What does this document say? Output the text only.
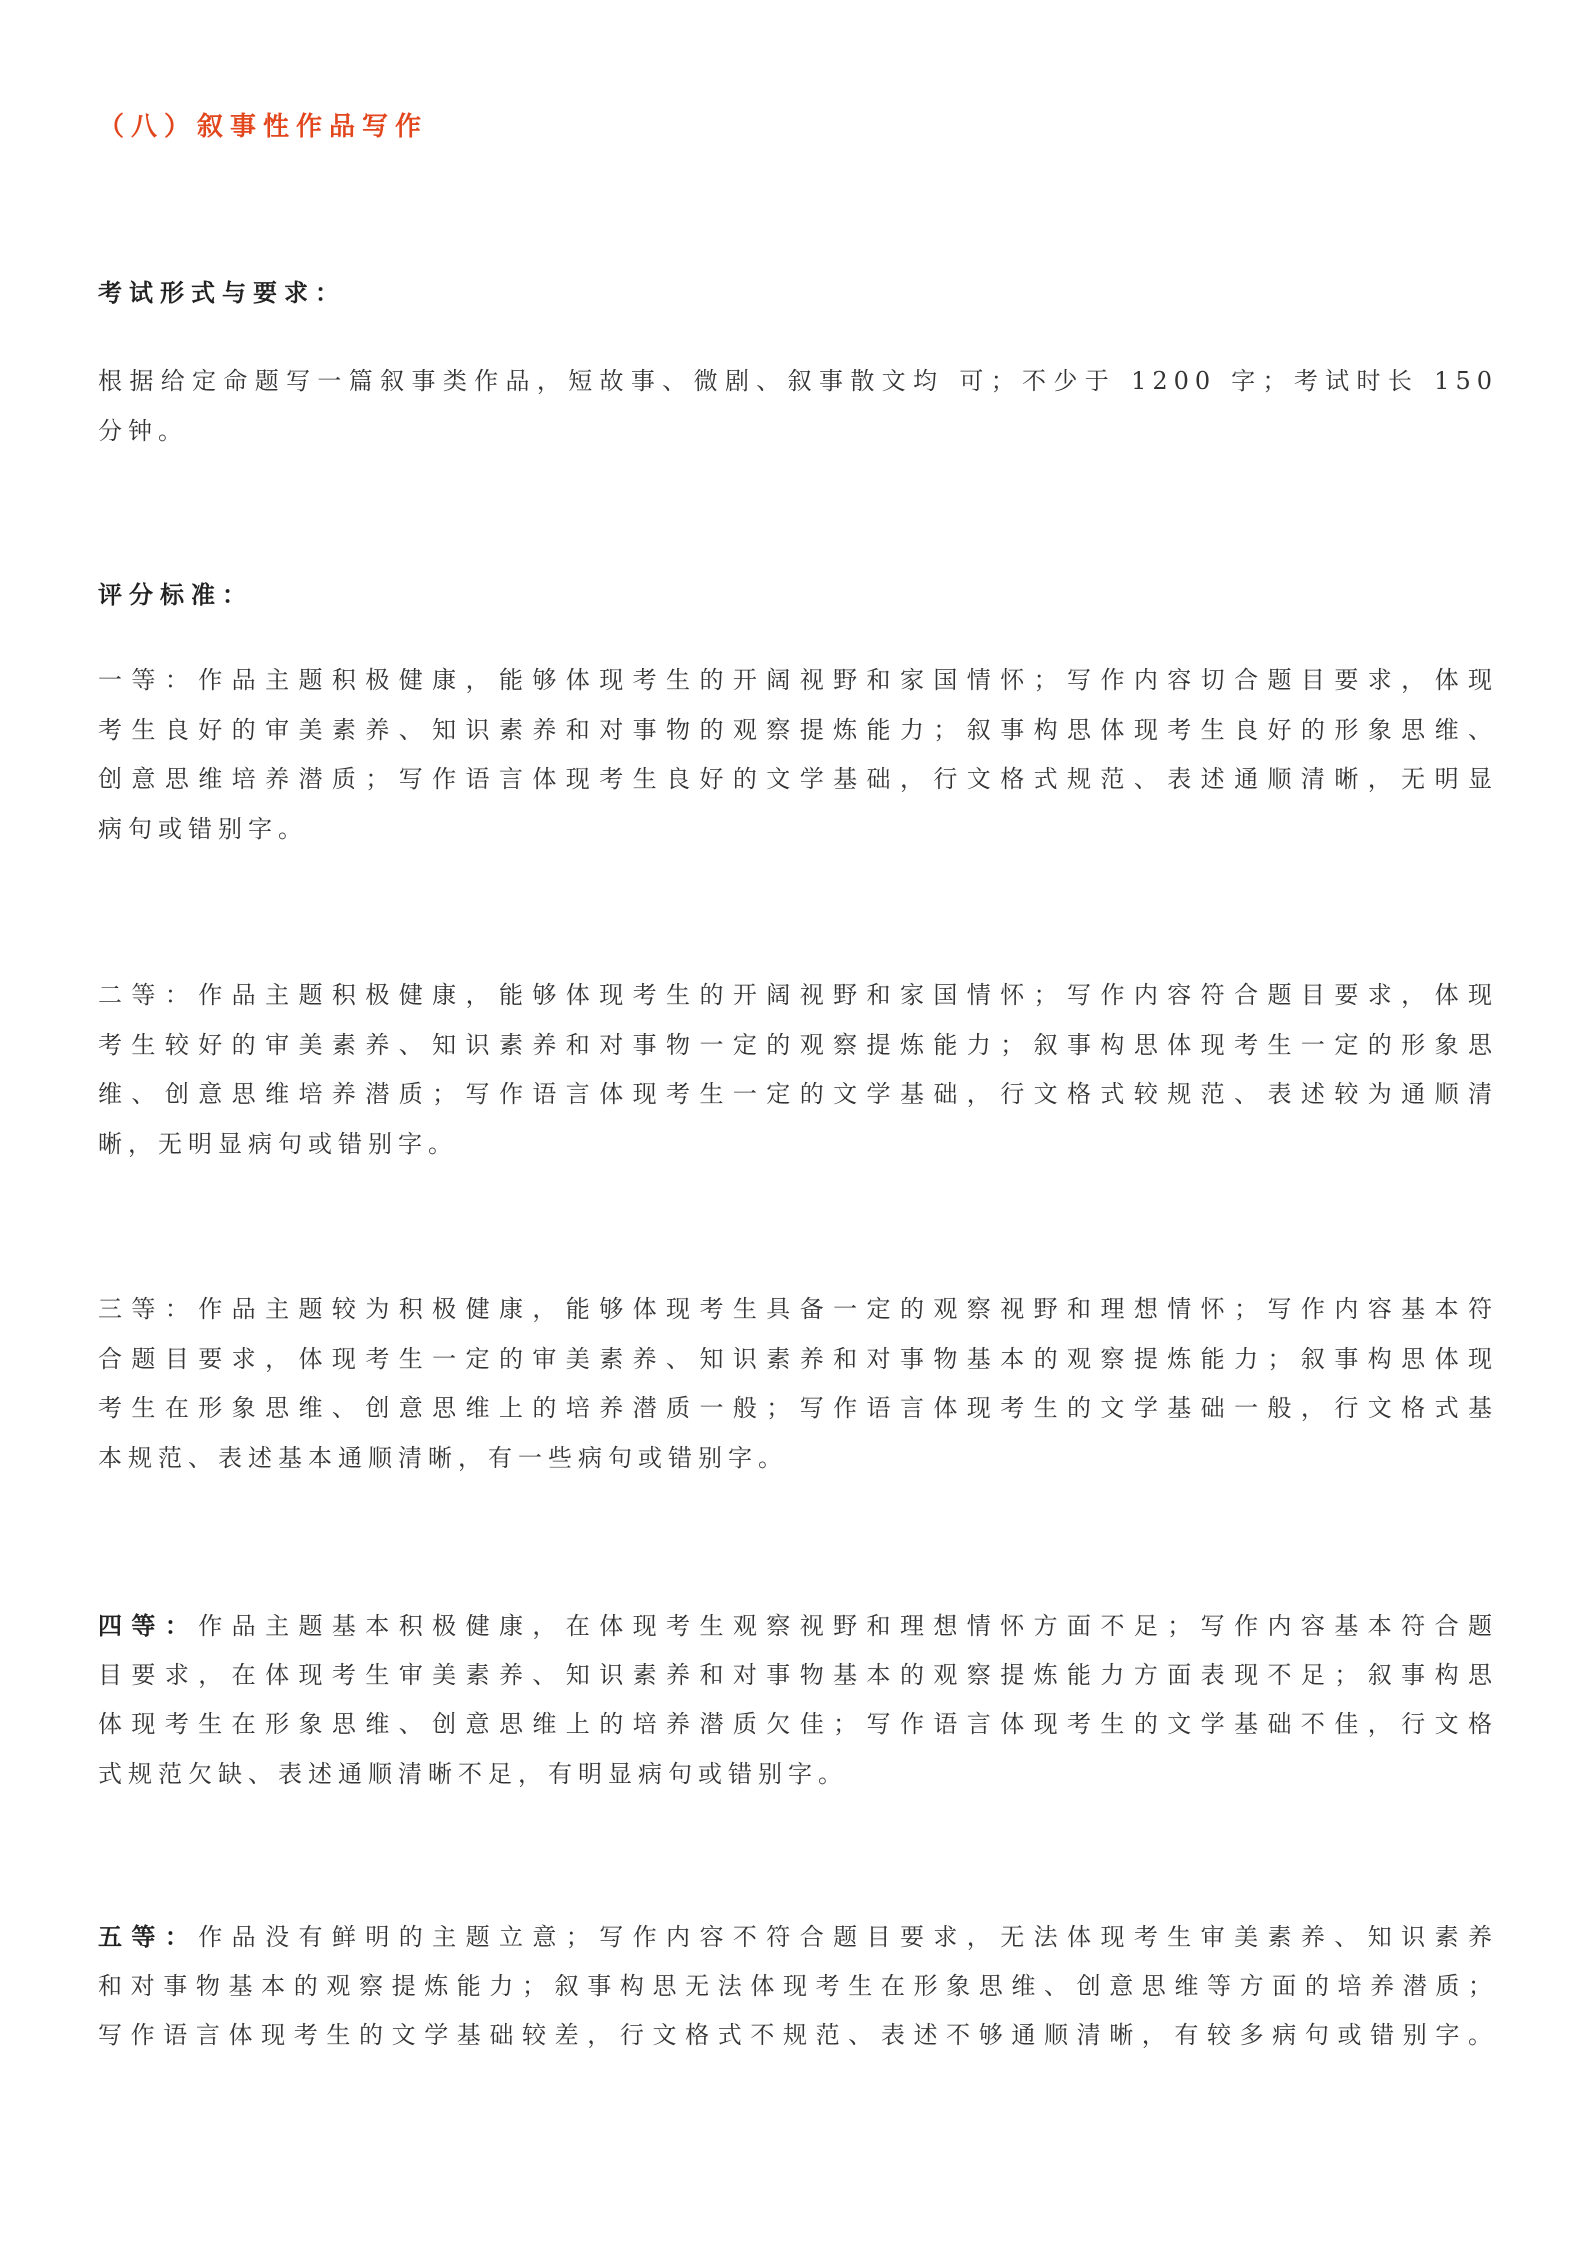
（八）叙事性作品写作
考试形式与要求：
根据给定命题写一篇叙事类作品，短故事、微剧、叙事散文均 可；不少于 1200 字；考试时长 150
分钟。
评分标准：
一等：作品主题积极健康，能够体现考生的开阔视野和家国情怀；写作内容切合题目要求，体现
考生良好的审美素养、知识素养和对事物的观察提炼能力；叙事构思体现考生良好的形象思维、
创意思维培养潜质；写作语言体现考生良好的文学基础，行文格式规范、表述通顺清晰，无明显
病句或错别字。
二等：作品主题积极健康，能够体现考生的开阔视野和家国情怀；写作内容符合题目要求，体现
考生较好的审美素养、知识素养和对事物一定的观察提炼能力；叙事构思体现考生一定的形象思
维、创意思维培养潜质；写作语言体现考生一定的文学基础，行文格式较规范、表述较为通顺清
晰，无明显病句或错别字。
三等：作品主题较为积极健康，能够体现考生具备一定的观察视野和理想情怀；写作内容基本符
合题目要求，体现考生一定的审美素养、知识素养和对事物基本的观察提炼能力；叙事构思体现
考生在形象思维、创意思维上的培养潜质一般；写作语言体现考生的文学基础一般，行文格式基
本规范、表述基本通顺清晰，有一些病句或错别字。
四等：作品主题基本积极健康，在体现考生观察视野和理想情怀方面不足；写作内容基本符合题
目要求，在体现考生审美素养、知识素养和对事物基本的观察提炼能力方面表现不足；叙事构思
体现考生在形象思维、创意思维上的培养潜质欠佳；写作语言体现考生的文学基础不佳，行文格
式规范欠缺、表述通顺清晰不足，有明显病句或错别字。
五等：作品没有鲜明的主题立意；写作内容不符合题目要求，无法体现考生审美素养、知识素养
和对事物基本的观察提炼能力；叙事构思无法体现考生在形象思维、创意思维等方面的培养潜质；
写作语言体现考生的文学基础较差，行文格式不规范、表述不够通顺清晰，有较多病句或错别字。
